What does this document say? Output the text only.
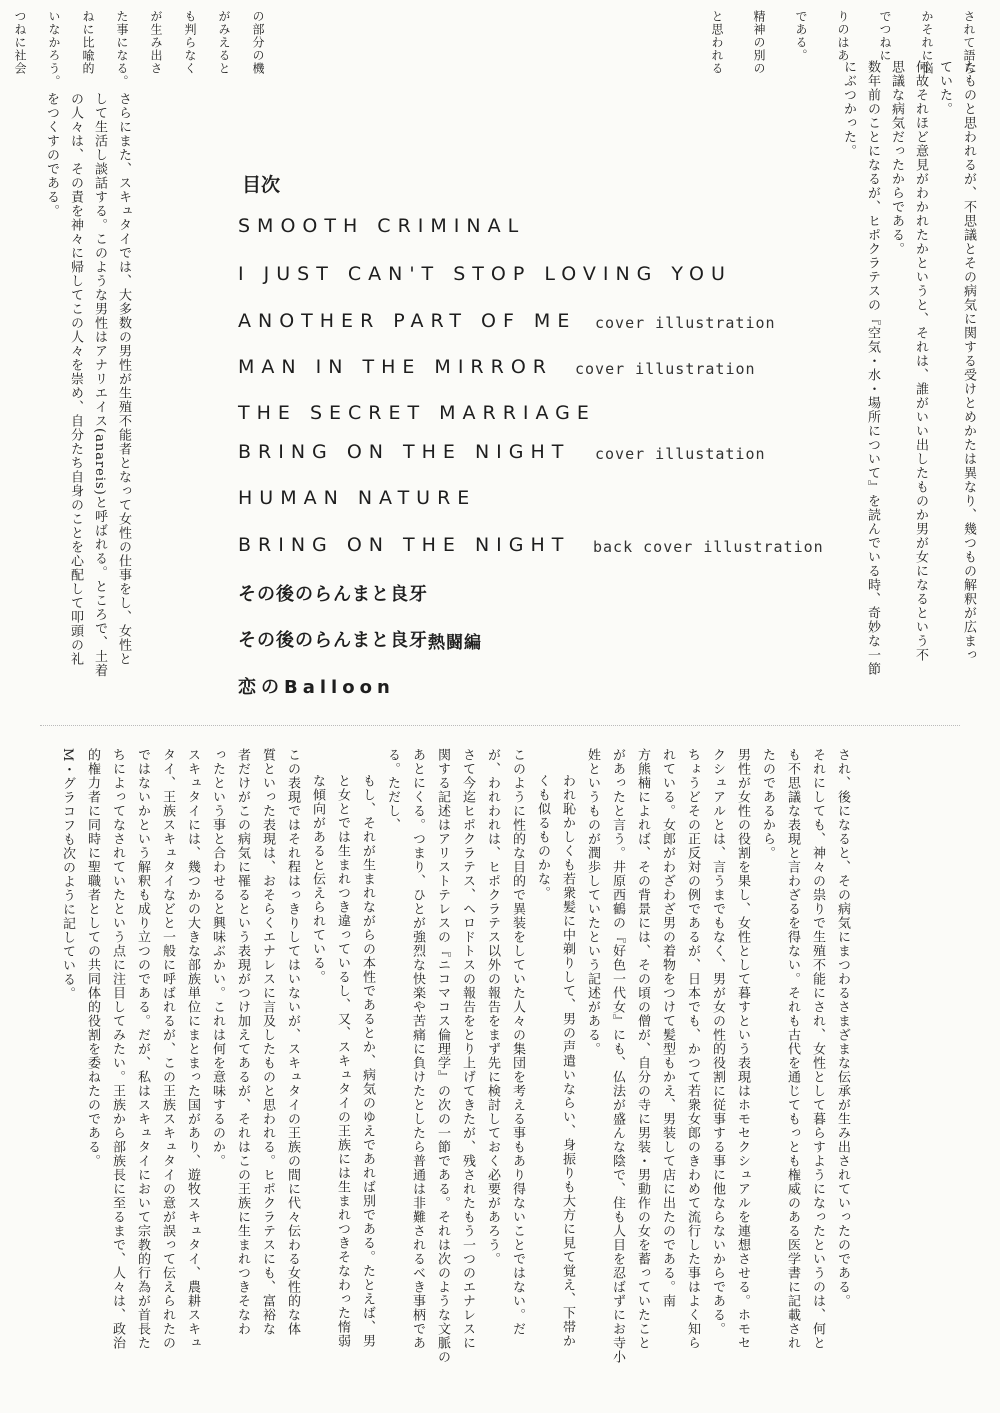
の部分の機
がみえると
も判らなく

が生み出さ
た事になる。
ねに比喩的
いなかろう。
つねに社会	されて語ら

かそれに悩
でつねに

りのはあ

である。

精神の別の

と思われる

さらにまた、スキュタイでは、大多数の男性が生殖不能者となって女性の仕事をし、女性と

して生活し談話する。このような男性はアナリエイス(anareis)と呼ばれる。ところで、土着

の人々は、その責を神々に帰してこの人々を崇め、自分たち自身のことを心配して叩頭の礼

をつくすのである。	たものと思われるが、不思議とその病気に関する受けとめかたは異なり、幾つもの解釈が広まっ

ていた。

何故それほど意見がわかれたかというと、それは、誰がいい出したものか男が女になるという不

思議な病気だったからである。

数年前のことになるが、ヒポクラテスの『空気・水・場所について』を読んでいる時、奇妙な一節

にぶつかった。

目次
SMOOTH CRIMINAL
I JUST CAN'T STOP LOVING YOU
ANOTHER PART OF ME cover illustration
MAN IN THE MIRROR cover illustration
THE SECRET MARRIAGE
BRING ON THE NIGHT cover illustation
HUMAN NATURE
BRING ON THE NIGHT back cover illustration
その後のらんまと良牙
その後のらんまと良牙 熱闘編
恋のBalloon

され、後になると、その病気にまつわるさまざまな伝承が生み出されていったのである。

それにしても、神々の祟りで生殖不能にされ、女性として暮らすようになったというのは、何と

も不思議な表現と言わざるを得ない。それも古代を通じてもっとも権威のある医学書に記載され

たのであるから。

男性が女性の役割を果し、女性として暮すという表現はホモセクシュアルを連想させる。ホモセ

クシュアルとは、言うまでもなく、男が女の性的役割に従事する事に他ならないからである。

ちょうどその正反対の例であるが、日本でも、かつて若衆女郎のきわめて流行した事はよく知ら

れている。女郎がわざわざ男の着物をつけて髪型もかえ、男装して店に出たのである。南

方熊楠によれば、その背景には、その頃の僧が、自分の寺に男装・男動作の女を蓄っていたこと

があったと言う。井原西鶴の『好色一代女』にも、仏法が盛んな陰で、住も人目を忍ばずにお寺小

姓というものが潤歩していたという記述がある。

われ恥かしくも若衆髪に中剃りして、男の声遣いならい、身振りも大方に見て覚え、下帯か

くも似るものかな。

このように性的な目的で異装をしていた人々の集団を考える事もあり得ないことではない。だ

が、われわれは、ヒポクラテス以外の報告をまず先に検討しておく必要があろう。

さて今迄ヒポクラテス、ヘロドトスの報告をとり上げてきたが、残されたもう一つのエナレスに

関する記述はアリストテレスの『ニコマコス倫理学』の次の一節である。それは次のような文脈の

あとにくる。つまり、ひとが強烈な快楽や苦痛に負けたとしたら普通は非難されるべき事柄であ

る。ただし、

もし、それが生まれながらの本性であるとか、病気のゆえであれば別である。たとえば、男

と女とでは生まれつき違っているし、又、スキュタイの王族には生まれつきそなわった惰弱

な傾向があると伝えられている。

この表現ではそれ程はっきりしてはいないが、スキュタイの王族の間に代々伝わる女性的な体

質といった表現は、おそらくエナレスに言及したものと思われる。ヒポクラテスにも、富裕な

者だけがこの病気に罹るという表現がつけ加えてあるが、それはこの王族に生まれつきそなわ

ったという事と合わせると興味ぶかい。これは何を意味するのか。

スキュタイには、幾つかの大きな部族単位にまとまった国があり、遊牧スキュタイ、農耕スキュ

タイ、王族スキュタイなどと一般に呼ばれるが、この王族スキュタイの意が誤って伝えられたの

ではないかという解釈も成り立つのである。だが、私はスキュタイにおいて宗教的行為が首長た

ちによってなされていたという点に注目してみたい。王族から部族長に至るまで、人々は、政治

的権力者に同時に聖職者としての共同体的役割を委ねたのである。

M・グラコフも次のように記している。
